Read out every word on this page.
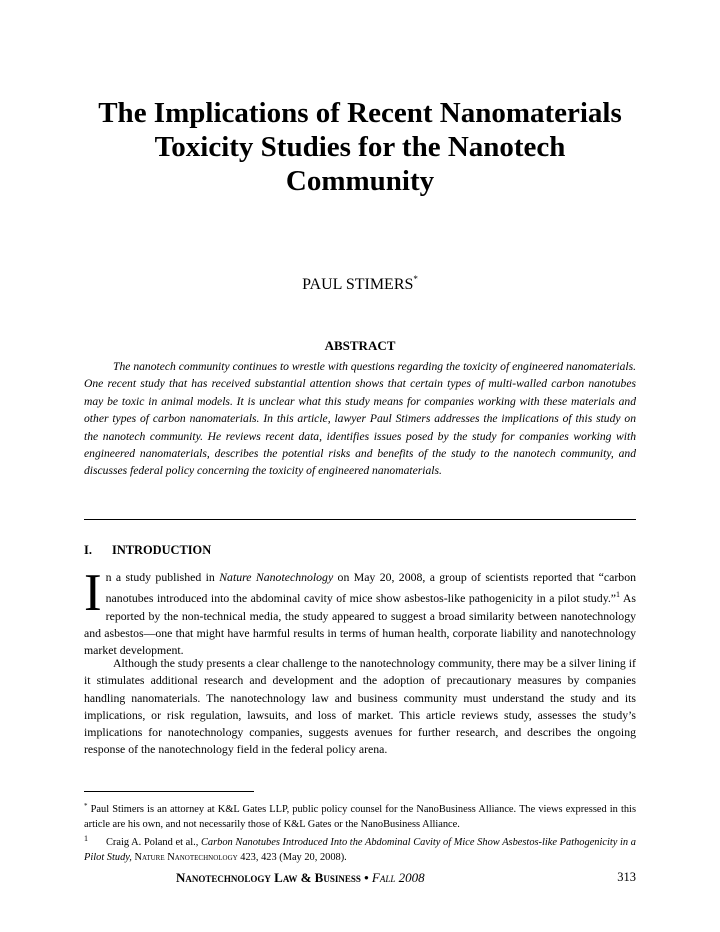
The Implications of Recent Nanomaterials
Toxicity Studies for the Nanotech
Community
PAUL STIMERS*
ABSTRACT

The nanotech community continues to wrestle with questions regarding the toxicity of engineered nanomaterials. One recent study that has received substantial attention shows that certain types of multi-walled carbon nanotubes may be toxic in animal models. It is unclear what this study means for companies working with these materials and other types of carbon nanomaterials. In this article, lawyer Paul Stimers addresses the implications of this study on the nanotech community. He reviews recent data, identifies issues posed by the study for companies working with engineered nanomaterials, describes the potential risks and benefits of the study to the nanotech community, and discusses federal policy concerning the toxicity of engineered nanomaterials.

I. INTRODUCTION

In a study published in Nature Nanotechnology on May 20, 2008, a group of scientists reported that “carbon nanotubes introduced into the abdominal cavity of mice show asbestos-like pathogenicity in a pilot study.”$^1$ As reported by the non-technical media, the study appeared to suggest a broad similarity between nanotechnology and asbestos—one that might have harmful results in terms of human health, corporate liability and nanotechnology market development.

Although the study presents a clear challenge to the nanotechnology community, there may be a silver lining if it stimulates additional research and development and the adoption of precautionary measures by companies handling nanomaterials. The nanotechnology law and business community must understand the study and its implications, or risk regulation, lawsuits, and loss of market. This article reviews study, assesses the study’s implications for nanotechnology companies, suggests avenues for further research, and describes the ongoing response of the nanotechnology field in the federal policy arena.

* Paul Stimers is an attorney at K&L Gates LLP, public policy counsel for the NanoBusiness Alliance. The views expressed in this article are his own, and not necessarily those of K&L Gates or the NanoBusiness Alliance.

1 Craig A. Poland et al., Carbon Nanotubes Introduced Into the Abdominal Cavity of Mice Show Asbestos-like Pathogenicity in a Pilot Study, Nature Nanotechnology 423, 423 (May 20, 2008).

Nanotechnology Law & Business • Fall 2008	313
